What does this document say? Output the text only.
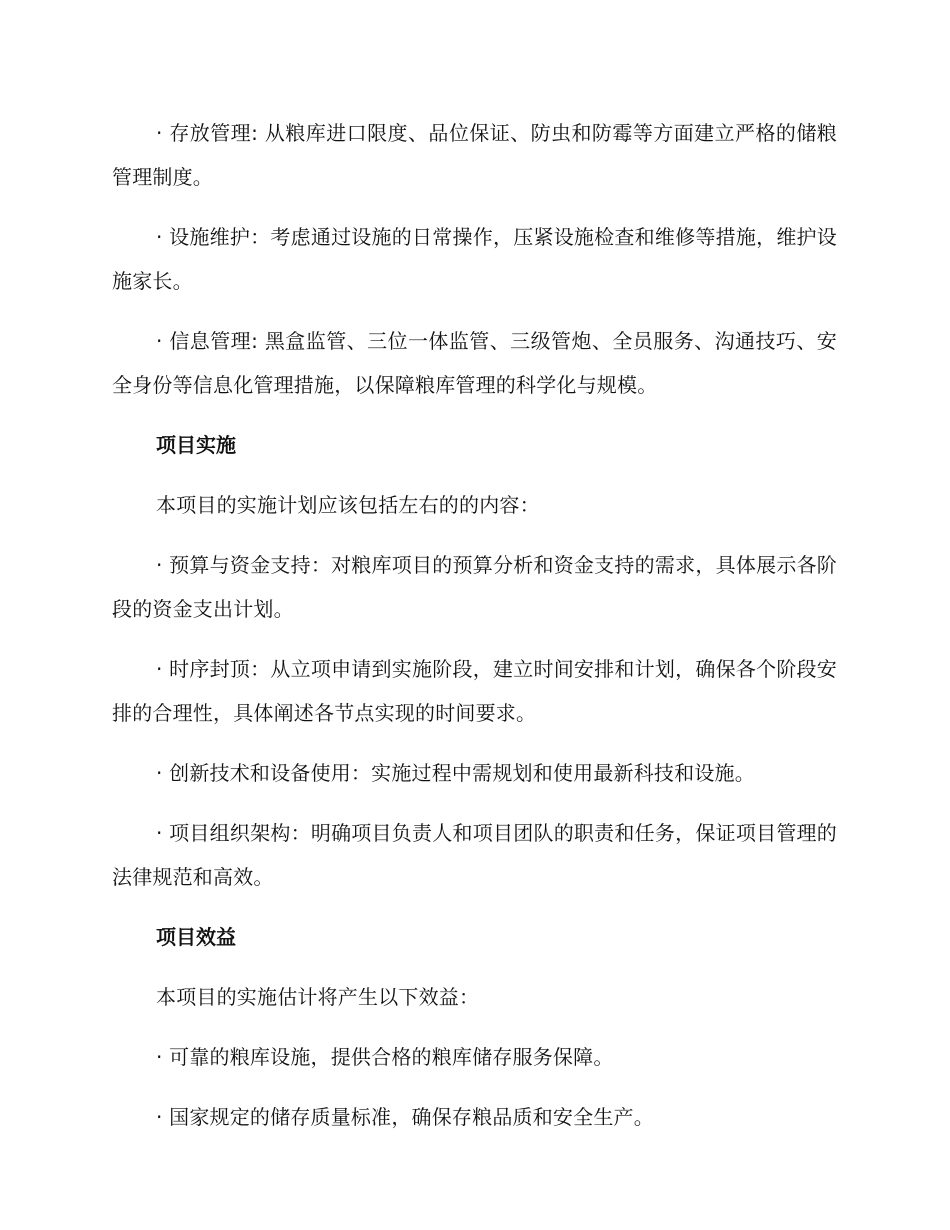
· 存放管理: 从粮库进口限度、品位保证、防虫和防霉等方面建立严格的储粮管理制度。

· 设施维护：考虑通过设施的日常操作，压紧设施检查和维修等措施，维护设施家长。

· 信息管理: 黑盒监管、三位一体监管、三级管炮、全员服务、沟通技巧、安全身份等信息化管理措施，以保障粮库管理的科学化与规模。

项目实施

本项目的实施计划应该包括左右的的内容：

· 预算与资金支持：对粮库项目的预算分析和资金支持的需求，具体展示各阶段的资金支出计划。

· 时序封顶：从立项申请到实施阶段，建立时间安排和计划，确保各个阶段安排的合理性，具体阐述各节点实现的时间要求。

· 创新技术和设备使用：实施过程中需规划和使用最新科技和设施。

· 项目组织架构：明确项目负责人和项目团队的职责和任务，保证项目管理的法律规范和高效。

项目效益

本项目的实施估计将产生以下效益：

· 可靠的粮库设施，提供合格的粮库储存服务保障。

· 国家规定的储存质量标准，确保存粮品质和安全生产。
